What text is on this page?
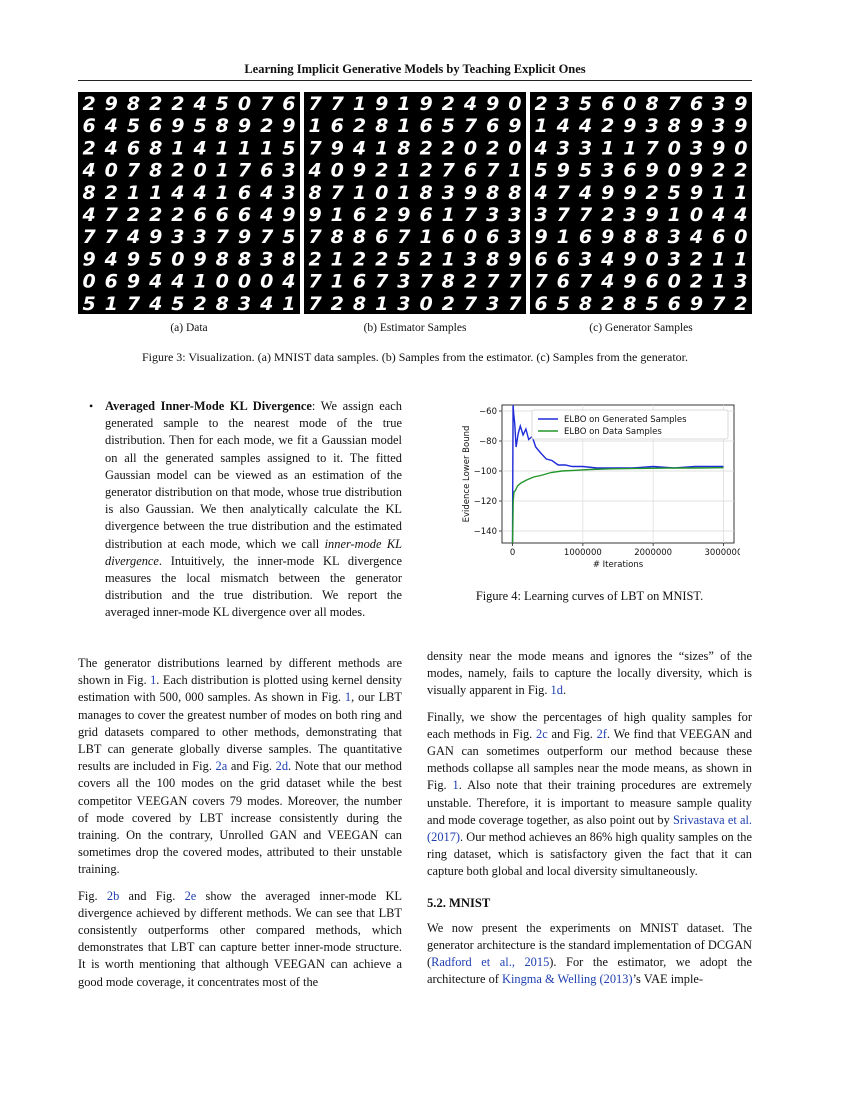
Learning Implicit Generative Models by Teaching Explicit Ones
2 9 8 2 2 4 5 0 7 6
6 4 5 6 9 5 8 9 2 9
2 4 6 8 1 4 1 1 1 5
4 0 7 8 2 0 1 7 6 3
8 2 1 1 4 4 1 6 4 3
4 7 2 2 2 6 6 6 4 9
7 7 4 9 3 3 7 9 7 5
9 4 9 5 0 9 8 8 3 8
0 6 9 4 4 1 0 0 0 4
5 1 7 4 5 2 8 3 4 1
7 7 1 9 1 9 2 4 9 0
1 6 2 8 1 6 5 7 6 9
7 9 4 1 8 2 2 0 2 0
4 0 9 2 1 2 7 6 7 1
8 7 1 0 1 8 3 9 8 8
9 1 6 2 9 6 1 7 3 3
7 8 8 6 7 1 6 0 6 3
2 1 2 2 5 2 1 3 8 9
7 1 6 7 3 7 8 2 7 7
7 2 8 1 3 0 2 7 3 7
2 3 5 6 0 8 7 6 3 9
1 4 4 2 9 3 8 9 3 9
4 3 3 1 1 7 0 3 9 0
5 9 5 3 6 9 0 9 2 2
4 7 4 9 9 2 5 9 1 1
3 7 7 2 3 9 1 0 4 4
9 1 6 9 8 8 3 4 6 0
6 6 3 4 9 0 3 2 1 1
7 6 7 4 9 6 0 2 1 3
6 5 8 2 8 5 6 9 7 2
(a) Data	(b) Estimator Samples	(c) Generator Samples
Figure 3: Visualization. (a) MNIST data samples. (b) Samples from the estimator. (c) Samples from the generator.
• Averaged Inner-Mode KL Divergence: We assign each generated sample to the nearest mode of the true distribution. Then for each mode, we fit a Gaussian model on all the generated samples assigned to it. The fitted Gaussian model can be viewed as an estimation of the generator distribution on that mode, whose true distribution is also Gaussian. We then analytically calculate the KL divergence between the true distribution and the estimated distribution at each mode, which we call inner-mode KL divergence. Intuitively, the inner-mode KL divergence measures the local mismatch between the generator distribution and the true distribution. We report the averaged inner-mode KL divergence over all modes.

0	1000000	2000000	3000000
−60
−80
−100
−120
−140
# Iterations
Evidence Lower Bound
ELBO on Generated Samples
ELBO on Data Samples
Figure 4: Learning curves of LBT on MNIST.

The generator distributions learned by different methods are shown in Fig. 1. Each distribution is plotted using kernel density estimation with 500, 000 samples. As shown in Fig. 1, our LBT manages to cover the greatest number of modes on both ring and grid datasets compared to other methods, demonstrating that LBT can generate globally diverse samples. The quantitative results are included in Fig. 2a and Fig. 2d. Note that our method covers all the 100 modes on the grid dataset while the best competitor VEEGAN covers 79 modes. Moreover, the number of mode covered by LBT increase consistently during the training. On the contrary, Unrolled GAN and VEEGAN can sometimes drop the covered modes, attributed to their unstable training.

Fig. 2b and Fig. 2e show the averaged inner-mode KL divergence achieved by different methods. We can see that LBT consistently outperforms other compared methods, which demonstrates that LBT can capture better inner-mode structure. It is worth mentioning that although VEEGAN can achieve a good mode coverage, it concentrates most of the

density near the mode means and ignores the “sizes” of the modes, namely, fails to capture the locally diversity, which is visually apparent in Fig. 1d.

Finally, we show the percentages of high quality samples for each methods in Fig. 2c and Fig. 2f. We find that VEEGAN and GAN can sometimes outperform our method because these methods collapse all samples near the mode means, as shown in Fig. 1. Also note that their training procedures are extremely unstable. Therefore, it is important to measure sample quality and mode coverage together, as also point out by Srivastava et al. (2017). Our method achieves an 86% high quality samples on the ring dataset, which is satisfactory given the fact that it can capture both global and local diversity simultaneously.

5.2. MNIST

We now present the experiments on MNIST dataset. The generator architecture is the standard implementation of DCGAN (Radford et al., 2015). For the estimator, we adopt the architecture of Kingma & Welling (2013)’s VAE imple-
